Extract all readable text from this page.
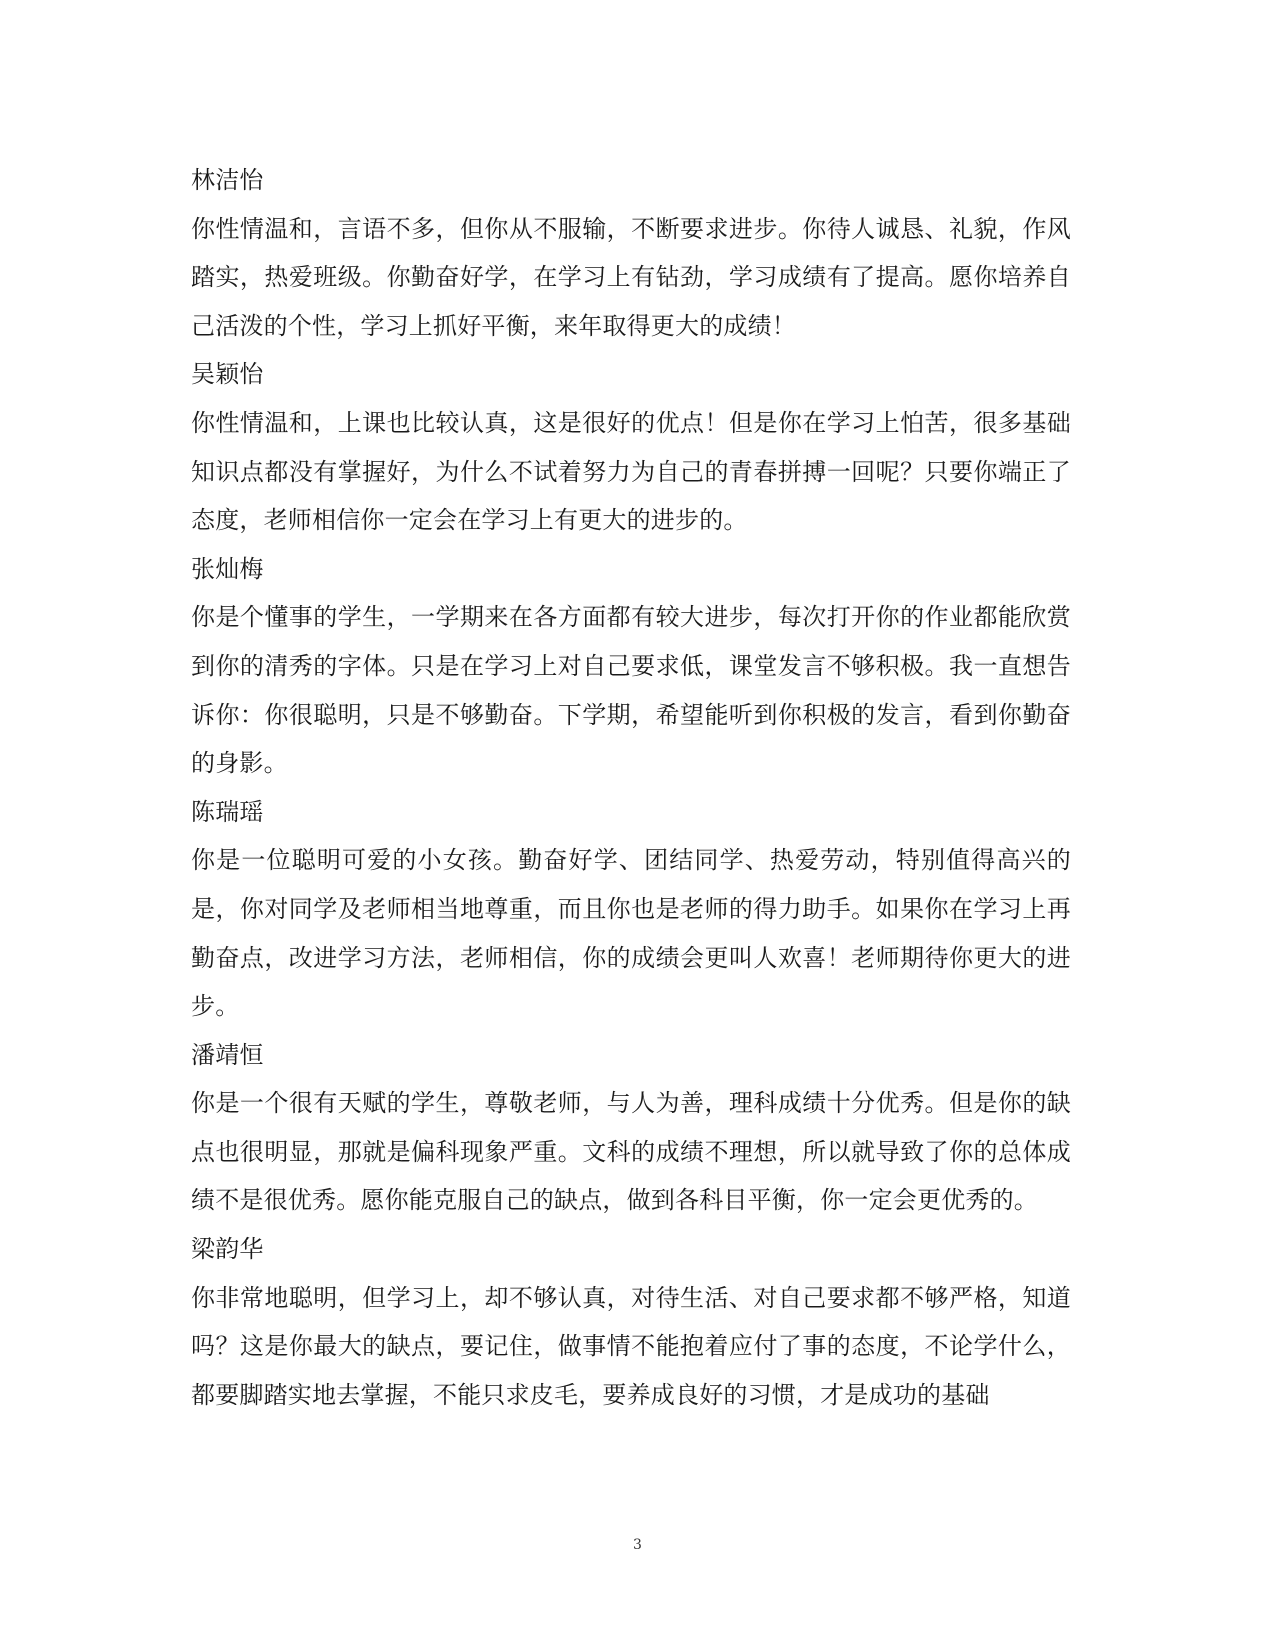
林洁怡

你性情温和，言语不多，但你从不服输，不断要求进步。你待人诚恳、礼貌，作风踏实，热爱班级。你勤奋好学，在学习上有钻劲，学习成绩有了提高。愿你培养自己活泼的个性，学习上抓好平衡，来年取得更大的成绩！

吴颖怡

你性情温和，上课也比较认真，这是很好的优点！但是你在学习上怕苦，很多基础知识点都没有掌握好，为什么不试着努力为自己的青春拼搏一回呢？只要你端正了态度，老师相信你一定会在学习上有更大的进步的。

张灿梅

你是个懂事的学生，一学期来在各方面都有较大进步，每次打开你的作业都能欣赏到你的清秀的字体。只是在学习上对自己要求低，课堂发言不够积极。我一直想告诉你：你很聪明，只是不够勤奋。下学期，希望能听到你积极的发言，看到你勤奋的身影。

陈瑞瑶

你是一位聪明可爱的小女孩。勤奋好学、团结同学、热爱劳动，特别值得高兴的是，你对同学及老师相当地尊重，而且你也是老师的得力助手。如果你在学习上再勤奋点，改进学习方法，老师相信，你的成绩会更叫人欢喜！老师期待你更大的进步。

潘靖恒

你是一个很有天赋的学生，尊敬老师，与人为善，理科成绩十分优秀。但是你的缺点也很明显，那就是偏科现象严重。文科的成绩不理想，所以就导致了你的总体成绩不是很优秀。愿你能克服自己的缺点，做到各科目平衡，你一定会更优秀的。

梁韵华

你非常地聪明，但学习上，却不够认真，对待生活、对自己要求都不够严格，知道吗？这是你最大的缺点，要记住，做事情不能抱着应付了事的态度，不论学什么，都要脚踏实地去掌握，不能只求皮毛，要养成良好的习惯，才是成功的基础

3
